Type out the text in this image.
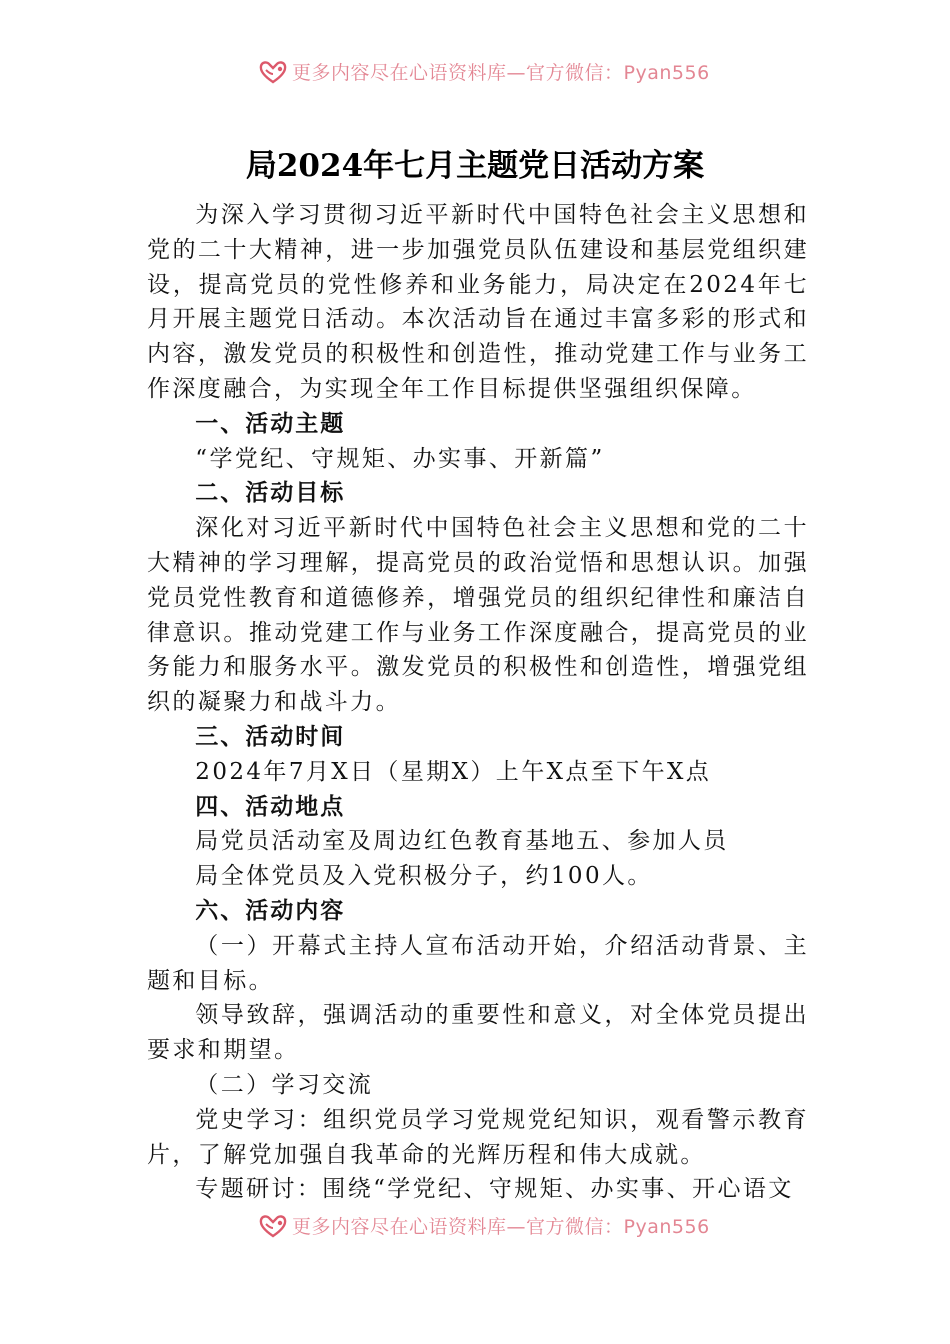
更多内容尽在心语资料库—官方微信：Pyan556
局2024年七月主题党日活动方案

为深入学习贯彻习近平新时代中国特色社会主义思想和党的二十大精神，进一步加强党员队伍建设和基层党组织建设，提高党员的党性修养和业务能力，局决定在2024年七月开展主题党日活动。本次活动旨在通过丰富多彩的形式和内容，激发党员的积极性和创造性，推动党建工作与业务工作深度融合，为实现全年工作目标提供坚强组织保障。

一、活动主题

“学党纪、守规矩、办实事、开新篇”

二、活动目标

深化对习近平新时代中国特色社会主义思想和党的二十大精神的学习理解，提高党员的政治觉悟和思想认识。加强党员党性教育和道德修养，增强党员的组织纪律性和廉洁自律意识。推动党建工作与业务工作深度融合，提高党员的业务能力和服务水平。激发党员的积极性和创造性，增强党组织的凝聚力和战斗力。

三、活动时间

2024年7月X日（星期X）上午X点至下午X点

四、活动地点

局党员活动室及周边红色教育基地五、参加人员

局全体党员及入党积极分子，约100人。

六、活动内容

（一）开幕式主持人宣布活动开始，介绍活动背景、主题和目标。

领导致辞，强调活动的重要性和意义，对全体党员提出要求和期望。

（二）学习交流

党史学习：组织党员学习党规党纪知识，观看警示教育片，了解党加强自我革命的光辉历程和伟大成就。

专题研讨：围绕“学党纪、守规矩、办实事、开心语文

更多内容尽在心语资料库—官方微信：Pyan556
